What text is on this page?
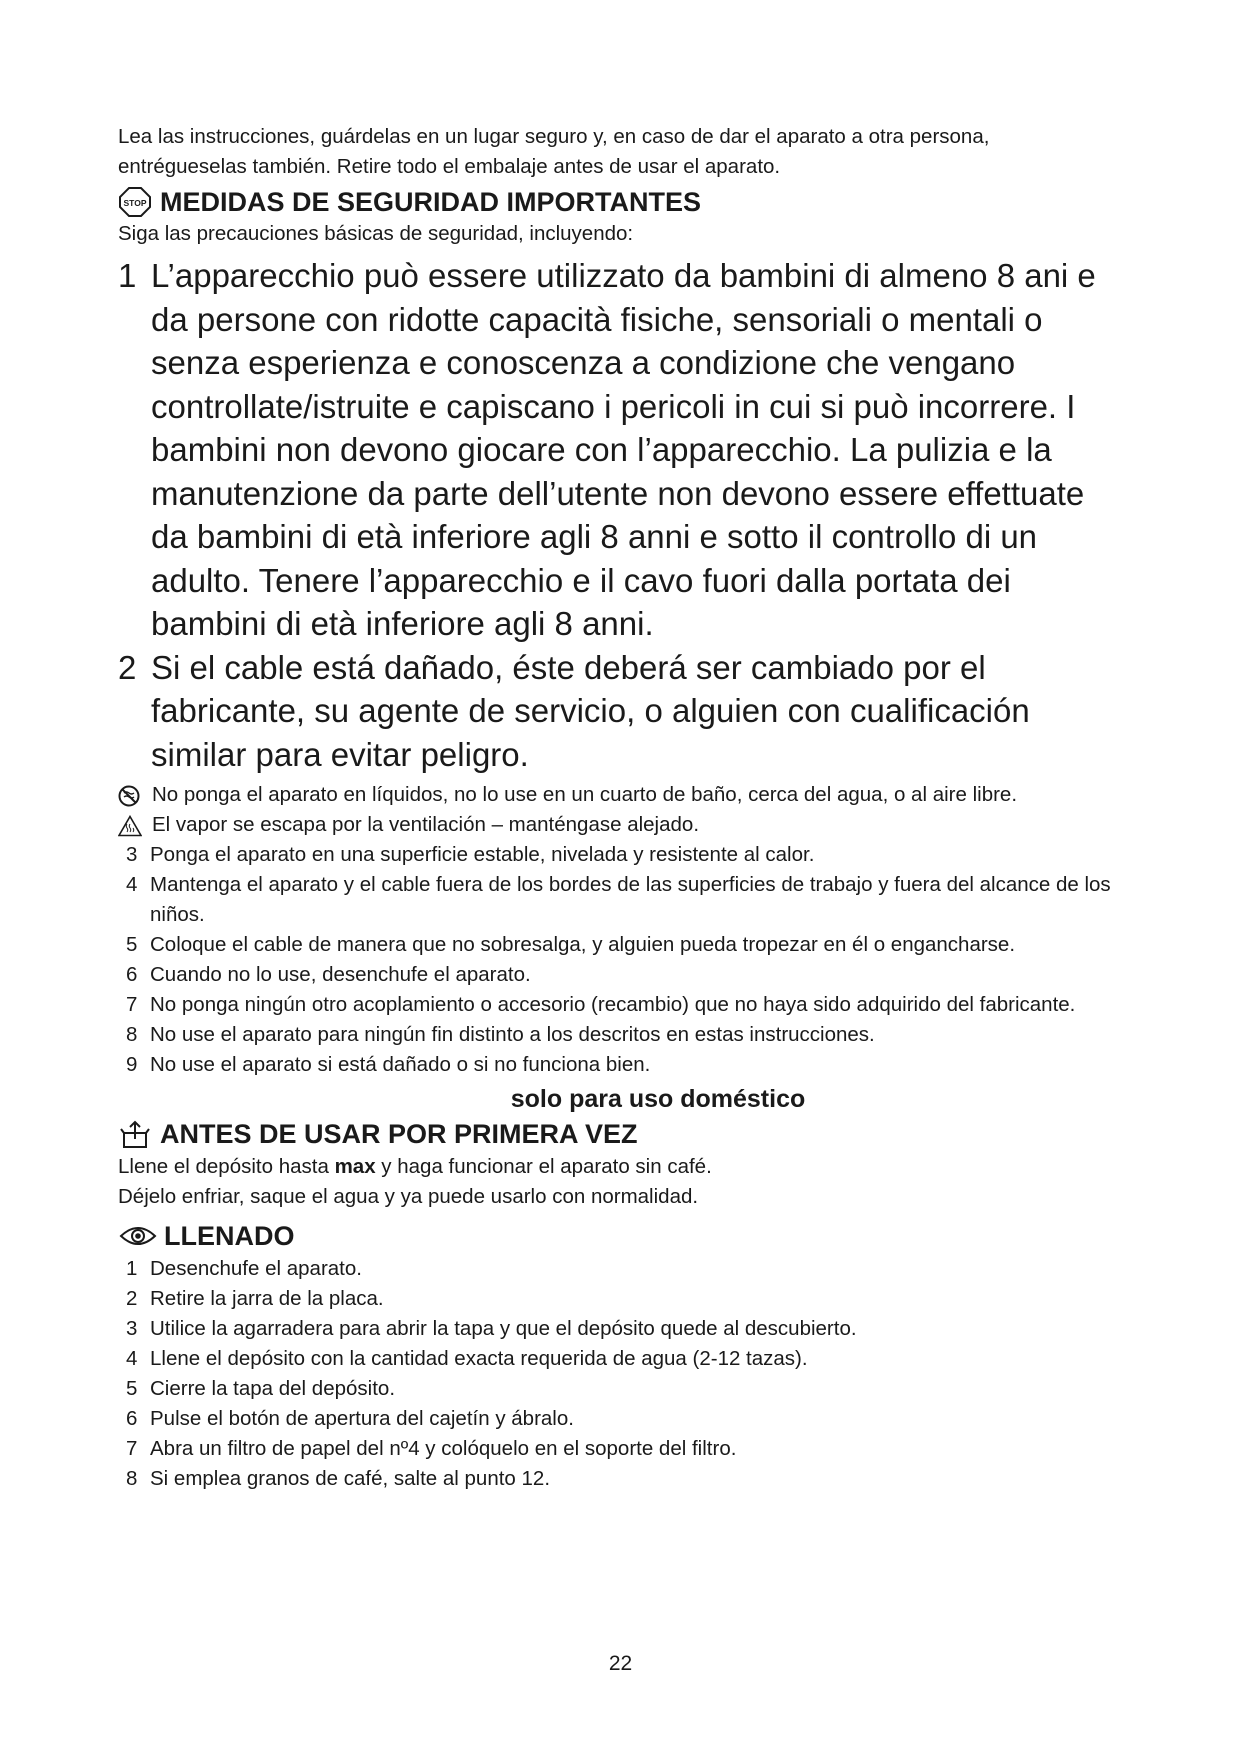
Lea las instrucciones, guárdelas en un lugar seguro y, en caso de dar el aparato a otra persona,

entrégueselas también. Retire todo el embalaje antes de usar el aparato.

STOP MEDIDAS DE SEGURIDAD IMPORTANTES

Siga las precauciones básicas de seguridad, incluyendo:

1 L’apparecchio può essere utilizzato da bambini di almeno 8 ani e da persone con ridotte capacità fisiche, sensoriali o mentali o senza esperienza e conoscenza a condizione che vengano controllate/istruite e capiscano i pericoli in cui si può incorrere. I bambini non devono giocare con l’apparecchio. La pulizia e la manutenzione da parte dell’utente non devono essere effettuate da bambini di età inferiore agli 8 anni e sotto il controllo di un adulto. Tenere l’apparecchio e il cavo fuori dalla portata dei bambini di età inferiore agli 8 anni.
2 Si el cable está dañado, éste deberá ser cambiado por el fabricante, su agente de servicio, o alguien con cualificación similar para evitar peligro.
No ponga el aparato en líquidos, no lo use en un cuarto de baño, cerca del agua, o al aire libre.
El vapor se escapa por la ventilación – manténgase alejado.
3 Ponga el aparato en una superficie estable, nivelada y resistente al calor.
4 Mantenga el aparato y el cable fuera de los bordes de las superficies de trabajo y fuera del alcance de los niños.
5 Coloque el cable de manera que no sobresalga, y alguien pueda tropezar en él o engancharse.
6 Cuando no lo use, desenchufe el aparato.
7 No ponga ningún otro acoplamiento o accesorio (recambio) que no haya sido adquirido del fabricante.
8 No use el aparato para ningún fin distinto a los descritos en estas instrucciones.
9 No use el aparato si está dañado o si no funciona bien.

solo para uso doméstico

ANTES DE USAR POR PRIMERA VEZ

Llene el depósito hasta max y haga funcionar el aparato sin café.

Déjelo enfriar, saque el agua y ya puede usarlo con normalidad.

LLENADO
1 Desenchufe el aparato.
2 Retire la jarra de la placa.
3 Utilice la agarradera para abrir la tapa y que el depósito quede al descubierto.
4 Llene el depósito con la cantidad exacta requerida de agua (2-12 tazas).
5 Cierre la tapa del depósito.
6 Pulse el botón de apertura del cajetín y ábralo.
7 Abra un filtro de papel del nº4 y colóquelo en el soporte del filtro.
8 Si emplea granos de café, salte al punto 12.
22
